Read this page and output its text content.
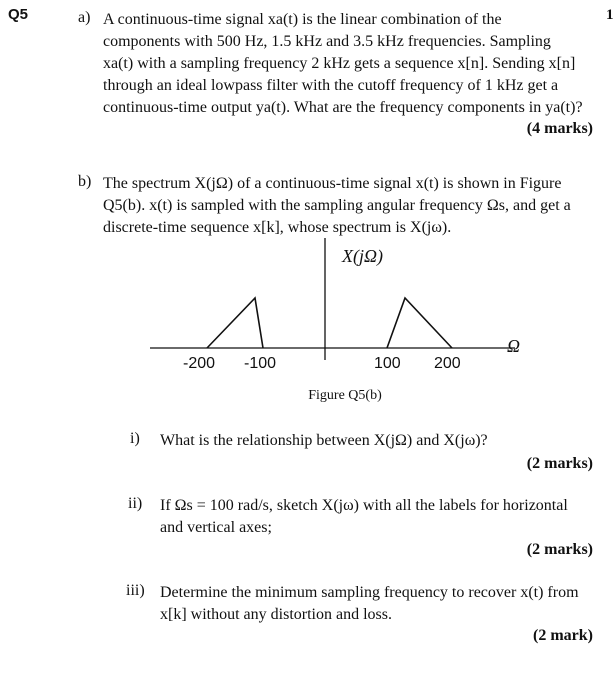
Q5	1
a) A continuous-time signal xa(t) is the linear combination of the
components with 500 Hz, 1.5 kHz and 3.5 kHz frequencies. Sampling
xa(t) with a sampling frequency 2 kHz gets a sequence x[n]. Sending x[n]
through an ideal lowpass filter with the cutoff frequency of 1 kHz get a
continuous-time output ya(t). What are the frequency components in ya(t)?
(4 marks)
b) The spectrum X(jΩ) of a continuous-time signal x(t) is shown in Figure
Q5(b). x(t) is sampled with the sampling angular frequency Ωs, and get a
discrete-time sequence x[k], whose spectrum is X(jω).
X(jΩ)
Ω
-200 -100	100 200
Figure Q5(b)
i) What is the relationship between X(jΩ) and X(jω)?
(2 marks)
ii) If Ωs = 100 rad/s, sketch X(jω) with all the labels for horizontal
and vertical axes;
(2 marks)
iii) Determine the minimum sampling frequency to recover x(t) from
x[k] without any distortion and loss.
(2 mark)
